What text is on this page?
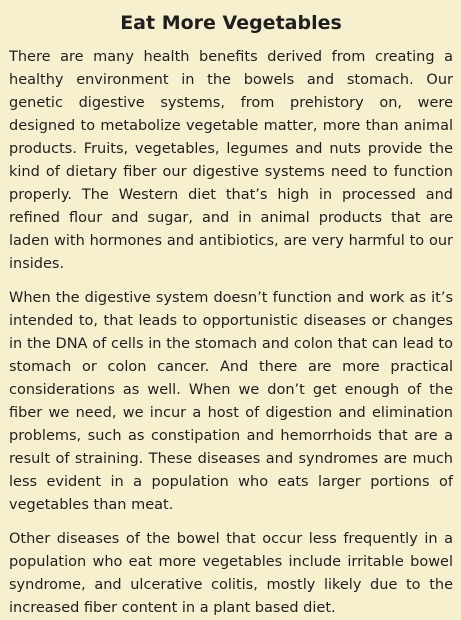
Eat More Vegetables

There are many health benefits derived from creating a healthy environment in the bowels and stomach. Our genetic digestive systems, from prehistory on, were designed to metabolize vegetable matter, more than animal products. Fruits, vegetables, legumes and nuts provide the kind of dietary fiber our digestive systems need to function properly. The Western diet that’s high in processed and refined flour and sugar, and in animal products that are laden with hormones and antibiotics, are very harmful to our insides.

When the digestive system doesn’t function and work as it’s intended to, that leads to opportunistic diseases or changes in the DNA of cells in the stomach and colon that can lead to stomach or colon cancer. And there are more practical considerations as well. When we don’t get enough of the fiber we need, we incur a host of digestion and elimination problems, such as constipation and hemorrhoids that are a result of straining. These diseases and syndromes are much less evident in a population who eats larger portions of vegetables than meat.

Other diseases of the bowel that occur less frequently in a population who eat more vegetables include irritable bowel syndrome, and ulcerative colitis, mostly likely due to the increased fiber content in a plant based diet.
